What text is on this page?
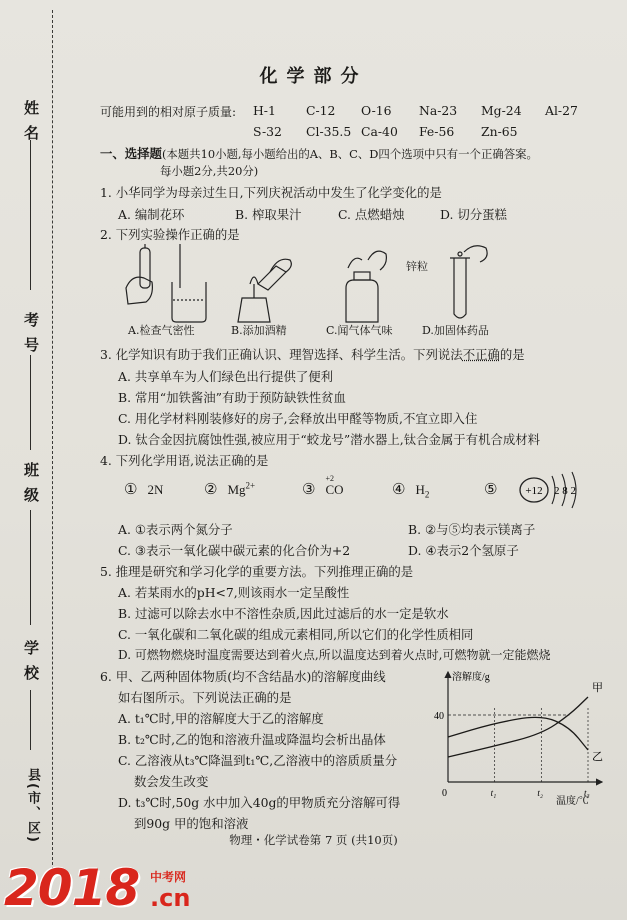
姓名
考号
班级
学校
县(市、区)
化学部分
可能用到的相对原子质量: H-1 C-12 O-16 Na-23 Mg-24 Al-27
S-32 Cl-35.5 Ca-40 Fe-56 Zn-65
一、选择题(本题共10小题,每小题给出的A、B、C、D四个选项中只有一个正确答案。
每小题2分,共20分)
1. 小华同学为母亲过生日,下列庆祝活动中发生了化学变化的是
A. 编制花环	B. 榨取果汁	C. 点燃蜡烛	D. 切分蛋糕
2. 下列实验操作正确的是
锌粒
A.检查气密性	B.添加酒精	C.闻气体气味	D.加固体药品
3. 化学知识有助于我们正确认识、理智选择、科学生活。下列说法不正确的是
A. 共享单车为人们绿色出行提供了便利
B. 常用“加铁酱油”有助于预防缺铁性贫血
C. 用化学材料刚装修好的房子,会释放出甲醛等物质,不宜立即入住
D. 钛合金因抗腐蚀性强,被应用于“蛟龙号”潜水器上,钛合金属于有机合成材料
4. 下列化学用语,说法正确的是
① 2N	② $Mg^{2+}$	③
+2
CO	④ $H_2$	⑤	+12 2 8 2
A. ①表示两个氮分子	B. ②与⑤均表示镁离子
C. ③表示一氧化碳中碳元素的化合价为+2	D. ④表示2个氢原子
5. 推理是研究和学习化学的重要方法。下列推理正确的是
A. 若某雨水的pH<7,则该雨水一定呈酸性
B. 过滤可以除去水中不溶性杂质,因此过滤后的水一定是软水
C. 一氧化碳和二氧化碳的组成元素相同,所以它们的化学性质相同
D. 可燃物燃烧时温度需要达到着火点,所以温度达到着火点时,可燃物就一定能燃烧
6. 甲、乙两种固体物质(均不含结晶水)的溶解度曲线
如右图所示。下列说法正确的是
A. t₁℃时,甲的溶解度大于乙的溶解度
B. t₂℃时,乙的饱和溶液升温或降温均会析出晶体
C. 乙溶液从t₃℃降温到t₁℃,乙溶液中的溶质质量分
数会发生改变
D. t₃℃时,50g 水中加入40g的甲物质充分溶解可得
到90g 甲的饱和溶液
甲
乙
溶解度/g
温度/℃
0
40
t₁	t₂	t₃
物理・化学试卷第 7 页 (共10页)
2018 中考网
.cn
